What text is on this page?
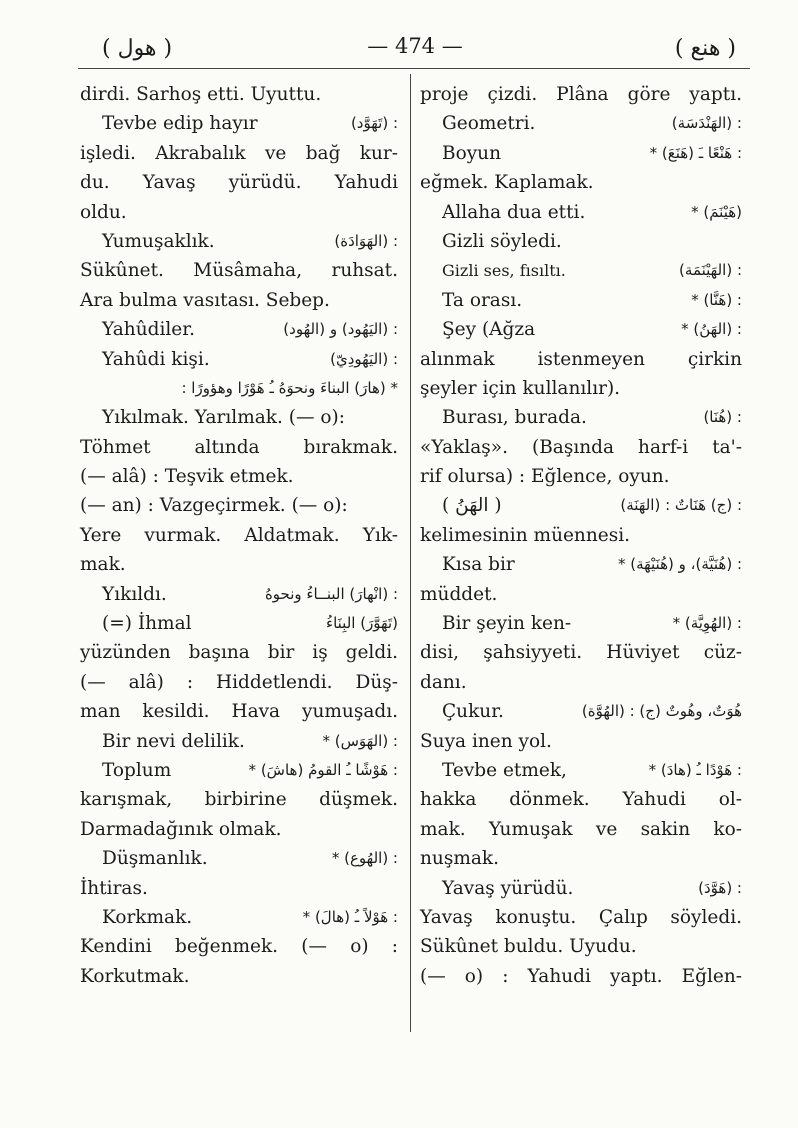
( هول )	— 474 —	( هنع )
dirdi. Sarhoş etti. Uyuttu.
Tevbe edip hayır	: (تَهَوَّد)
işledi. Akrabalık ve bağ kur-
du. Yavaş yürüdü. Yahudi
oldu.
Yumuşaklık.	: (الهَوَادَة)
Sükûnet. Müsâmaha, ruhsat.
Ara bulma vasıtası. Sebep.
Yahûdiler.	: (اليَهُود) و (الهُود)
Yahûdi kişi.	: (اليَهُودِيّ)
* (هارَ) البناءَ ونحوَهُ ـُ هَوْرًا وهؤورًا :
Yıkılmak. Yarılmak. (— o):
Töhmet altında bırakmak.
(— alâ) : Teşvik etmek.
(— an) : Vazgeçirmek. (— o):
Yere vurmak. Aldatmak. Yık-
mak.
Yıkıldı.	: (انْهارَ) البنــاءُ ونحوهُ
(=) İhmal	(تَهَوَّرَ) البِنَاءُ
yüzünden başına bir iş geldi.
(— alâ) : Hiddetlendi. Düş-
man kesildi. Hava yumuşadı.
Bir nevi delilik.	: (الهَوَس) *
Toplum	: هَوْشًا ـُ القومُ (هاشَ) *
karışmak, birbirine düşmek.
Darmadağınık olmak.
Düşmanlık.	: (الهُوع) *
İhtiras.
Korkmak.	: هَوْلاً ـُ (هالَ) *
Kendini beğenmek. (— o) :
Korkutmak.
proje çizdi. Plâna göre yaptı.
Geometri.	: (الهَنْدَسَة)
Boyun	: هَنْعًا ـَ (هَنَعَ) *
eğmek. Kaplamak.
Allaha dua etti.	(هَيْنَمَ) *
Gizli söyledi.
Gizli ses, fısıltı.	: (الهَيْنَمَة)
Ta orası.	: (هَنَّا) *
Şey (Ağza	: (الهَنُ) *
alınmak istenmeyen çirkin
şeyler için kullanılır).
Burası, burada.	: (هُنَا)
«Yaklaş». (Başında harf-i ta'-
rif olursa) : Eğlence, oyun.
( الهَنُ )	: (ج) هَنَاتٌ : (الهَنَة)
kelimesinin müennesi.
Kısa bir	: (هُنَيَّة)، و (هُنَيْهَة) *
müddet.
Bir şeyin ken-	: (الهُوِيَّة) *
disi, şahsiyyeti. Hüviyet cüz-
danı.
Çukur.	هُوَتٌ، وهُوتٌ (ج) : (الهُوَّة)
Suya inen yol.
Tevbe etmek,	: هَوْدًا ـُ (هادَ) *
hakka dönmek. Yahudi ol-
mak. Yumuşak ve sakin ko-
nuşmak.
Yavaş yürüdü.	: (هَوَّدَ)
Yavaş konuştu. Çalıp söyledi.
Sükûnet buldu. Uyudu.
(— o) : Yahudi yaptı. Eğlen-
